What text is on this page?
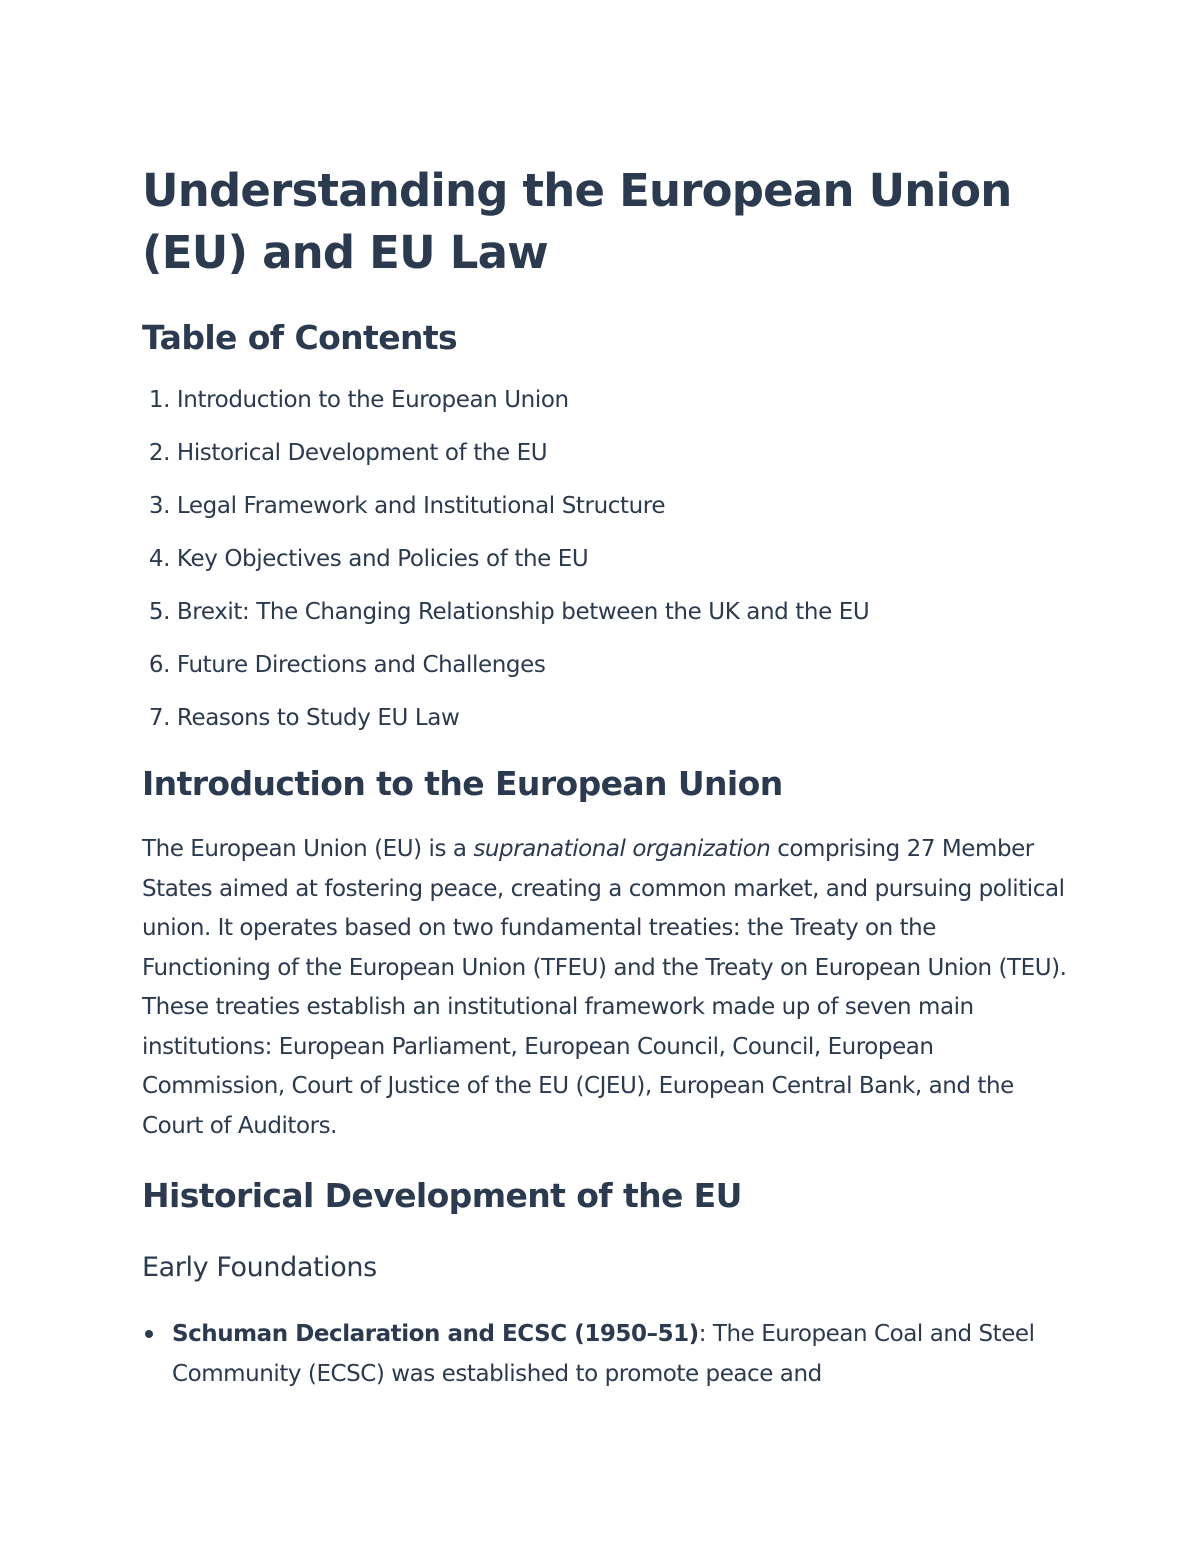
Understanding the European Union (EU) and EU Law
Table of Contents
1. Introduction to the European Union
2. Historical Development of the EU
3. Legal Framework and Institutional Structure
4. Key Objectives and Policies of the EU
5. Brexit: The Changing Relationship between the UK and the EU
6. Future Directions and Challenges
7. Reasons to Study EU Law
Introduction to the European Union

The European Union (EU) is a supranational organization comprising 27 Member States aimed at fostering peace, creating a common market, and pursuing political union. It operates based on two fundamental treaties: the Treaty on the Functioning of the European Union (TFEU) and the Treaty on European Union (TEU). These treaties establish an institutional framework made up of seven main institutions: European Parliament, European Council, Council, European Commission, Court of Justice of the EU (CJEU), European Central Bank, and the Court of Auditors.

Historical Development of the EU
Early Foundations
Schuman Declaration and ECSC (1950–51): The European Coal and Steel Community (ECSC) was established to promote peace and
